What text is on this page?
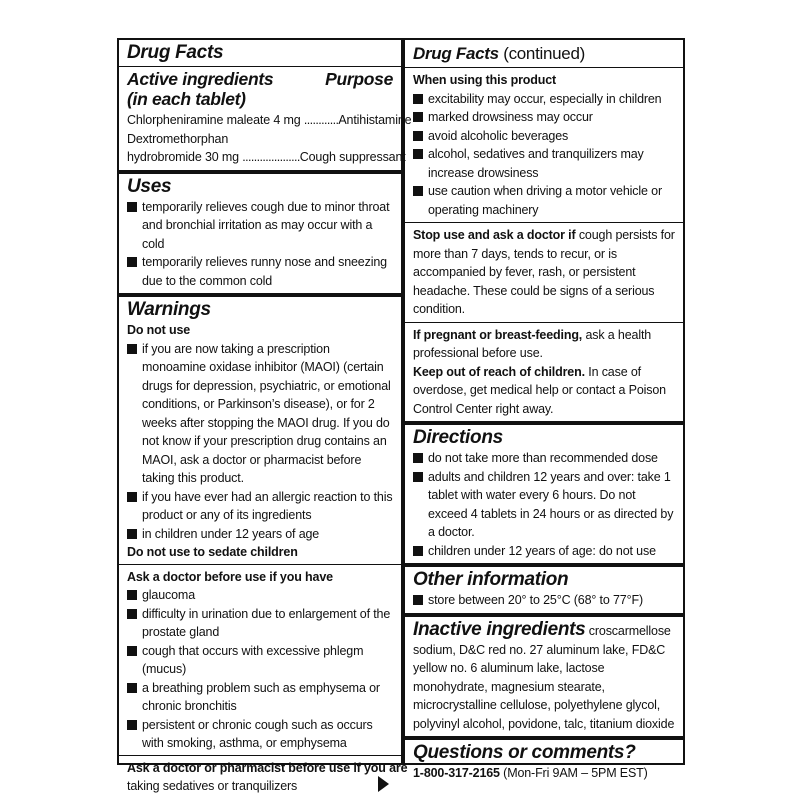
Drug Facts
Active ingredients	Purpose
(in each tablet)
Chlorpheniramine maleate 4 mg ............Antihistamine
Dextromethorphan
hydrobromide 30 mg ....................Cough suppressant
Uses
temporarily relieves cough due to minor throat and bronchial irritation as may occur with a cold
temporarily relieves runny nose and sneezing due to the common cold
Warnings
Do not use
if you are now taking a prescription monoamine oxidase inhibitor (MAOI) (certain drugs for depression, psychiatric, or emotional conditions, or Parkinson’s disease), or for 2 weeks after stopping the MAOI drug. If you do not know if your prescription drug contains an MAOI, ask a doctor or pharmacist before taking this product.
if you have ever had an allergic reaction to this product or any of its ingredients
in children under 12 years of age
Do not use to sedate children
Ask a doctor before use if you have
glaucoma
difficulty in urination due to enlargement of the prostate gland
cough that occurs with excessive phlegm (mucus)
a breathing problem such as emphysema or chronic bronchitis
persistent or chronic cough such as occurs with smoking, asthma, or emphysema
Ask a doctor or pharmacist before use if you are
taking sedatives or tranquilizers
Drug Facts (continued)
When using this product
excitability may occur, especially in children
marked drowsiness may occur
avoid alcoholic beverages
alcohol, sedatives and tranquilizers may increase drowsiness
use caution when driving a motor vehicle or operating machinery
Stop use and ask a doctor if cough persists for more than 7 days, tends to recur, or is accompanied by fever, rash, or persistent headache. These could be signs of a serious condition.
If pregnant or breast-feeding, ask a health professional before use.
Keep out of reach of children. In case of overdose, get medical help or contact a Poison Control Center right away.
Directions
do not take more than recommended dose
adults and children 12 years and over: take 1 tablet with water every 6 hours. Do not exceed 4 tablets in 24 hours or as directed by a doctor.
children under 12 years of age: do not use
Other information
store between 20° to 25°C (68° to 77°F)
Inactive ingredients croscarmellose sodium, D&C red no. 27 aluminum lake, FD&C yellow no. 6 aluminum lake, lactose monohydrate, magnesium stearate, microcrystalline cellulose, polyethylene glycol, polyvinyl alcohol, povidone, talc, titanium dioxide
Questions or comments?
1-800-317-2165 (Mon-Fri 9AM – 5PM EST)
